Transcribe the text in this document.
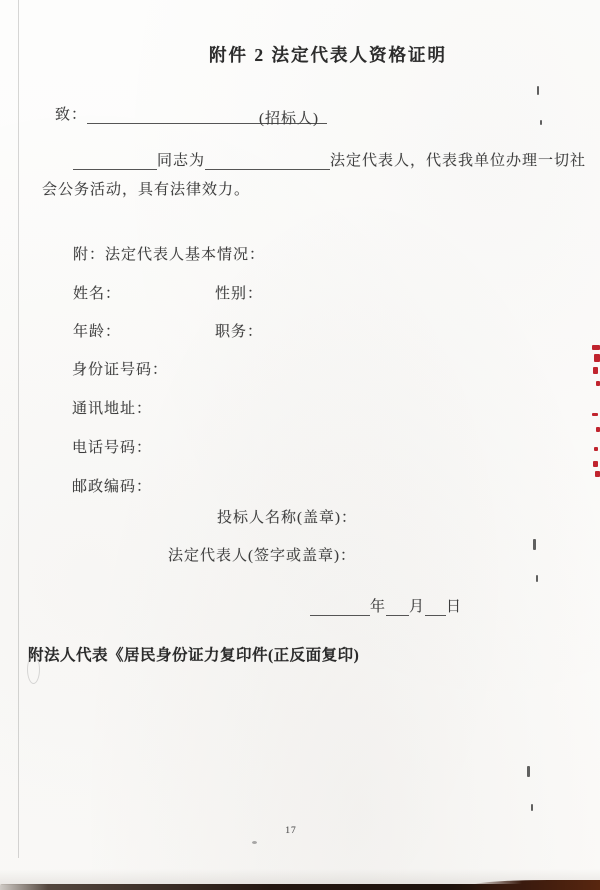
附件 2 法定代表人资格证明
致：	(招标人)
同志为	法定代表人，代表我单位办理一切社
会公务活动，具有法律效力。
附：法定代表人基本情况：
姓名：	性别：
年龄：	职务：
身份证号码：
通讯地址：
电话号码：
邮政编码：
投标人名称(盖章)：
法定代表人(签字或盖章)：
年 月 日
附法人代表《居民身份证力复印件(正反面复印)
17
